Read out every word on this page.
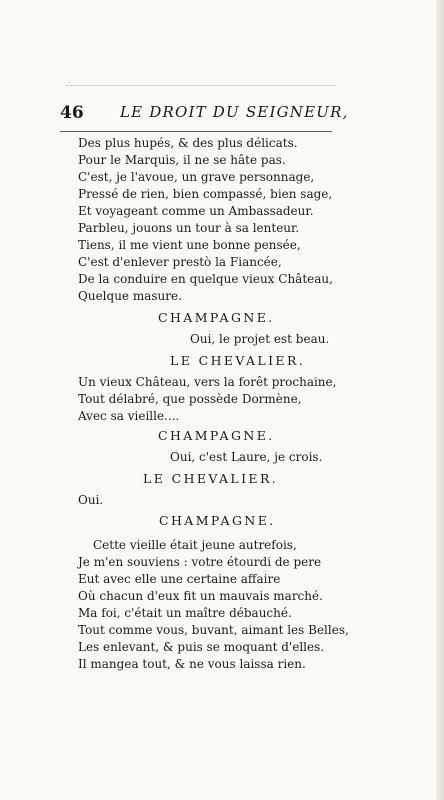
46 LE DROIT DU SEIGNEUR,
Des plus hupés, & des plus délicats.
Pour le Marquis, il ne se hâte pas.
C'est, je l'avoue, un grave personnage,
Pressé de rien, bien compassé, bien sage,
Et voyageant comme un Ambassadeur.
Parbleu, jouons un tour à sa lenteur.
Tiens, il me vient une bonne pensée,
C'est d'enlever prestò la Fiancée,
De la conduire en quelque vieux Château,
Quelque masure.
CHAMPAGNE.
Oui, le projet est beau.
LE CHEVALIER.
Un vieux Château, vers la forêt prochaine,
Tout délabré, que possède Dormène,
Avec sa vieille....
CHAMPAGNE.
Oui, c'est Laure, je crois.
LE CHEVALIER.
Oui.
CHAMPAGNE.
Cette vieille était jeune autrefois,
Je m'en souviens : votre étourdi de pere
Eut avec elle une certaine affaire
Où chacun d'eux fit un mauvais marché.
Ma foi, c'était un maître débauché.
Tout comme vous, buvant, aimant les Belles,
Les enlevant, & puis se moquant d'elles.
Il mangea tout, & ne vous laissa rien.
